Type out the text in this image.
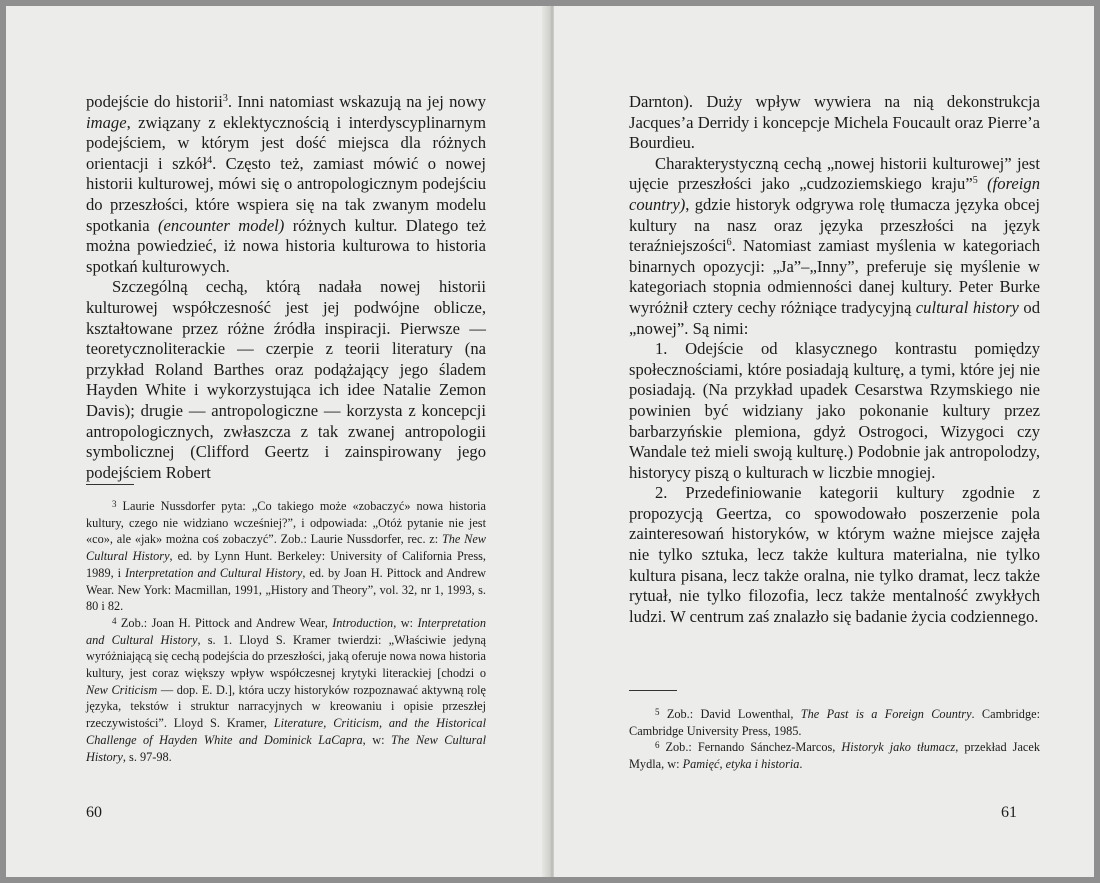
podejście do historii$^3$. Inni natomiast wskazują na jej nowy image, związany z eklektycznością i interdyscyplinarnym podejściem, w którym jest dość miejsca dla różnych orientacji i szkół$^4$. Często też, zamiast mówić o nowej historii kulturowej, mówi się o antropologicznym podejściu do przeszłości, które wspiera się na tak zwanym modelu spotkania (encounter model) różnych kultur. Dlatego też można powiedzieć, iż nowa historia kulturowa to historia spotkań kulturowych.

Szczególną cechą, którą nadała nowej historii kulturowej współczesność jest jej podwójne oblicze, kształtowane przez różne źródła inspiracji. Pierwsze — teoretycznoliterackie — czerpie z teorii literatury (na przykład Roland Barthes oraz podążający jego śladem Hayden White i wykorzystująca ich idee Natalie Zemon Davis); drugie — antropologiczne — korzysta z koncepcji antropologicznych, zwłaszcza z tak zwanej antropologii symbolicznej (Clifford Geertz i zainspirowany jego podejściem Robert

$^3$ Laurie Nussdorfer pyta: „Co takiego może «zobaczyć» nowa historia kultury, czego nie widziano wcześniej?”, i odpowiada: „Otóż pytanie nie jest «co», ale «jak» można coś zobaczyć”. Zob.: Laurie Nussdorfer, rec. z: The New Cultural History, ed. by Lynn Hunt. Berkeley: University of California Press, 1989, i Interpretation and Cultural History, ed. by Joan H. Pittock and Andrew Wear. New York: Macmillan, 1991, „History and Theory”, vol. 32, nr 1, 1993, s. 80 i 82.

$^4$ Zob.: Joan H. Pittock and Andrew Wear, Introduction, w: Interpretation and Cultural History, s. 1. Lloyd S. Kramer twierdzi: „Właściwie jedyną wyróżniającą się cechą podejścia do przeszłości, jaką oferuje nowa nowa historia kultury, jest coraz większy wpływ współczesnej krytyki literackiej [chodzi o New Criticism — dop. E. D.], która uczy historyków rozpoznawać aktywną rolę języka, tekstów i struktur narracyjnych w kreowaniu i opisie przeszłej rzeczywistości”. Lloyd S. Kramer, Literature, Criticism, and the Historical Challenge of Hayden White and Dominick LaCapra, w: The New Cultural History, s. 97-98.

60

Darnton). Duży wpływ wywiera na nią dekonstrukcja Jacques’a Derridy i koncepcje Michela Foucault oraz Pierre’a Bourdieu.

Charakterystyczną cechą „nowej historii kulturowej” jest ujęcie przeszłości jako „cudzoziemskiego kraju”$^5$ (foreign country), gdzie historyk odgrywa rolę tłumacza języka obcej kultury na nasz oraz języka przeszłości na język teraźniejszości$^6$. Natomiast zamiast myślenia w kategoriach binarnych opozycji: „Ja”–„Inny”, preferuje się myślenie w kategoriach stopnia odmienności danej kultury. Peter Burke wyróżnił cztery cechy różniące tradycyjną cultural history od „nowej”. Są nimi:

1. Odejście od klasycznego kontrastu pomiędzy społecznościami, które posiadają kulturę, a tymi, które jej nie posiadają. (Na przykład upadek Cesarstwa Rzymskiego nie powinien być widziany jako pokonanie kultury przez barbarzyńskie plemiona, gdyż Ostrogoci, Wizygoci czy Wandale też mieli swoją kulturę.) Podobnie jak antropolodzy, historycy piszą o kulturach w liczbie mnogiej.

2. Przedefiniowanie kategorii kultury zgodnie z propozycją Geertza, co spowodowało poszerzenie pola zainteresowań historyków, w którym ważne miejsce zajęła nie tylko sztuka, lecz także kultura materialna, nie tylko kultura pisana, lecz także oralna, nie tylko dramat, lecz także rytuał, nie tylko filozofia, lecz także mentalność zwykłych ludzi. W centrum zaś znalazło się badanie życia codziennego.

$^5$ Zob.: David Lowenthal, The Past is a Foreign Country. Cambridge: Cambridge University Press, 1985.

$^6$ Zob.: Fernando Sánchez-Marcos, Historyk jako tłumacz, przekład Jacek Mydla, w: Pamięć, etyka i historia.

61
